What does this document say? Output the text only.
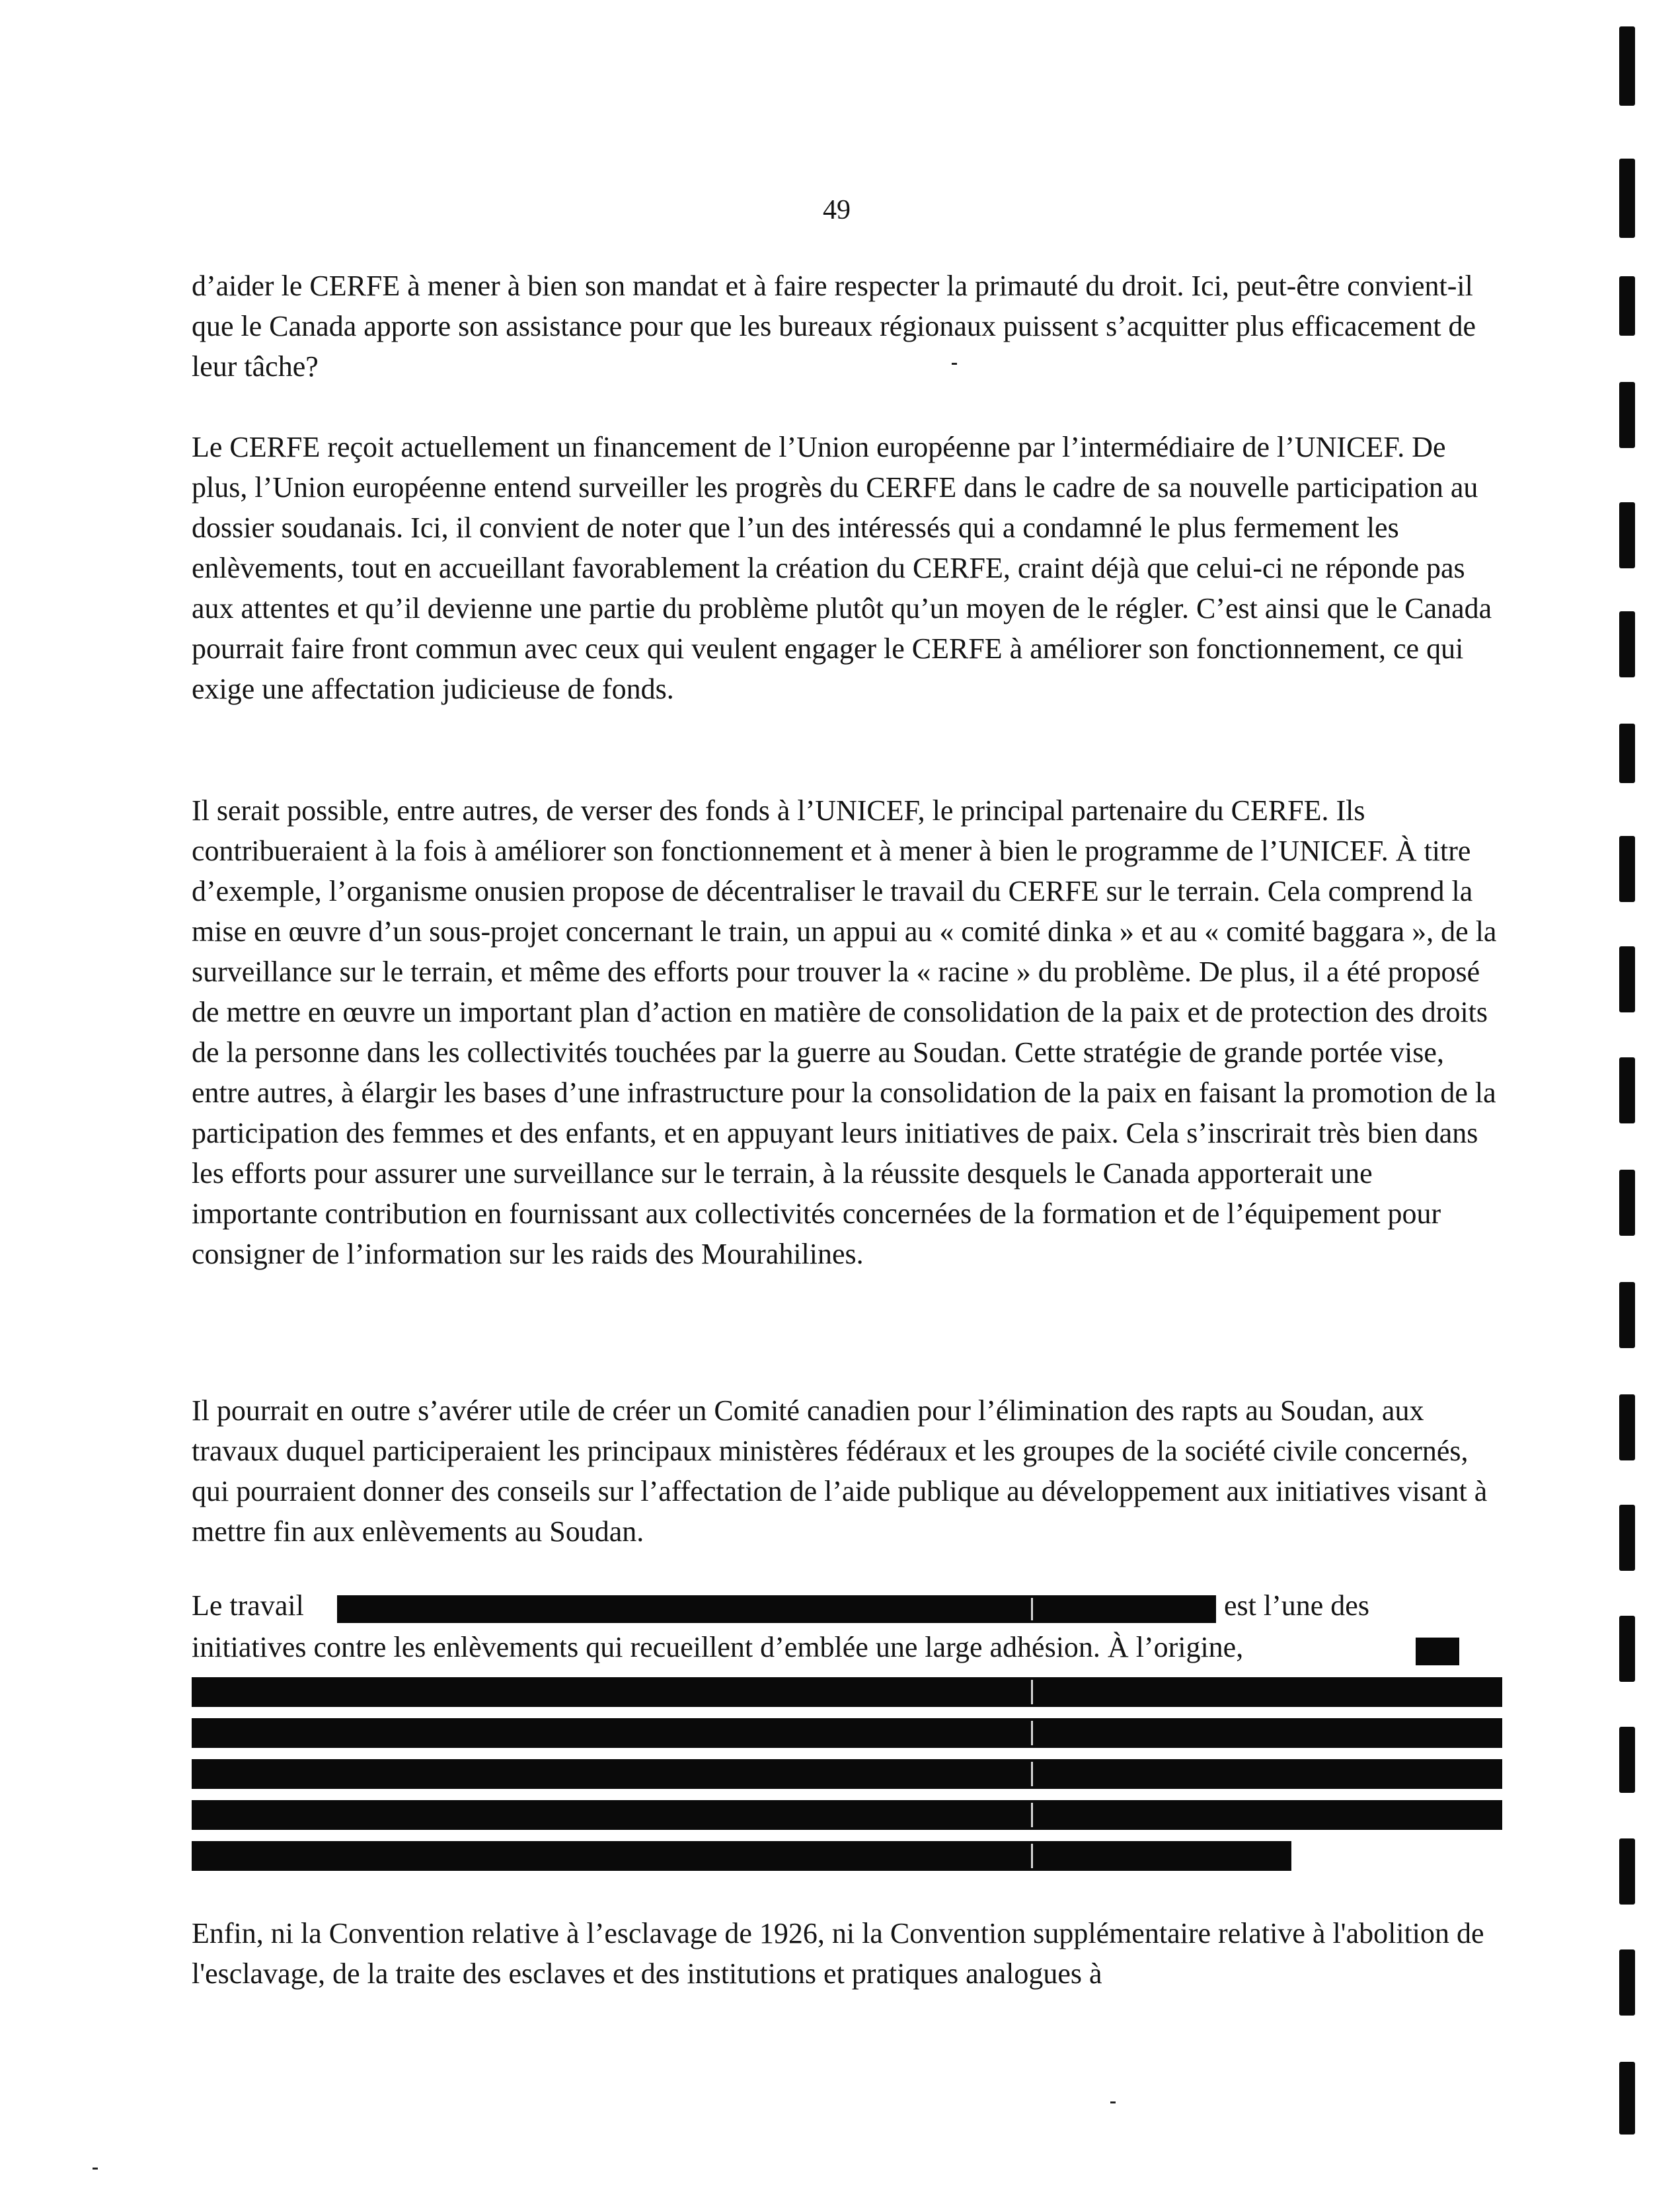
49

d’aider le CERFE à mener à bien son mandat et à faire respecter la primauté du droit. Ici, peut-être convient-il que le Canada apporte son assistance pour que les bureaux régionaux puissent s’acquitter plus efficacement de leur tâche?

Le CERFE reçoit actuellement un financement de l’Union européenne par l’intermédiaire de l’UNICEF. De plus, l’Union européenne entend surveiller les progrès du CERFE dans le cadre de sa nouvelle participation au dossier soudanais. Ici, il convient de noter que l’un des intéressés qui a condamné le plus fermement les enlèvements, tout en accueillant favorablement la création du CERFE, craint déjà que celui-ci ne réponde pas aux attentes et qu’il devienne une partie du problème plutôt qu’un moyen de le régler. C’est ainsi que le Canada pourrait faire front commun avec ceux qui veulent engager le CERFE à améliorer son fonctionnement, ce qui exige une affectation judicieuse de fonds.

Il serait possible, entre autres, de verser des fonds à l’UNICEF, le principal partenaire du CERFE. Ils contribueraient à la fois à améliorer son fonctionnement et à mener à bien le programme de l’UNICEF. À titre d’exemple, l’organisme onusien propose de décentraliser le travail du CERFE sur le terrain. Cela comprend la mise en œuvre d’un sous-projet concernant le train, un appui au « comité dinka » et au « comité baggara », de la surveillance sur le terrain, et même des efforts pour trouver la « racine » du problème. De plus, il a été proposé de mettre en œuvre un important plan d’action en matière de consolidation de la paix et de protection des droits de la personne dans les collectivités touchées par la guerre au Soudan. Cette stratégie de grande portée vise, entre autres, à élargir les bases d’une infrastructure pour la consolidation de la paix en faisant la promotion de la participation des femmes et des enfants, et en appuyant leurs initiatives de paix. Cela s’inscrirait très bien dans les efforts pour assurer une surveillance sur le terrain, à la réussite desquels le Canada apporterait une importante contribution en fournissant aux collectivités concernées de la formation et de l’équipement pour consigner de l’information sur les raids des Mourahilines.

Il pourrait en outre s’avérer utile de créer un Comité canadien pour l’élimination des rapts au Soudan, aux travaux duquel participeraient les principaux ministères fédéraux et les groupes de la société civile concernés, qui pourraient donner des conseils sur l’affectation de l’aide publique au développement aux initiatives visant à mettre fin aux enlèvements au Soudan.

Le travail	est l’une des
initiatives contre les enlèvements qui recueillent d’emblée une large adhésion. À l’origine,

Enfin, ni la Convention relative à l’esclavage de 1926, ni la Convention supplémentaire relative à l'abolition de l'esclavage, de la traite des esclaves et des institutions et pratiques analogues à
